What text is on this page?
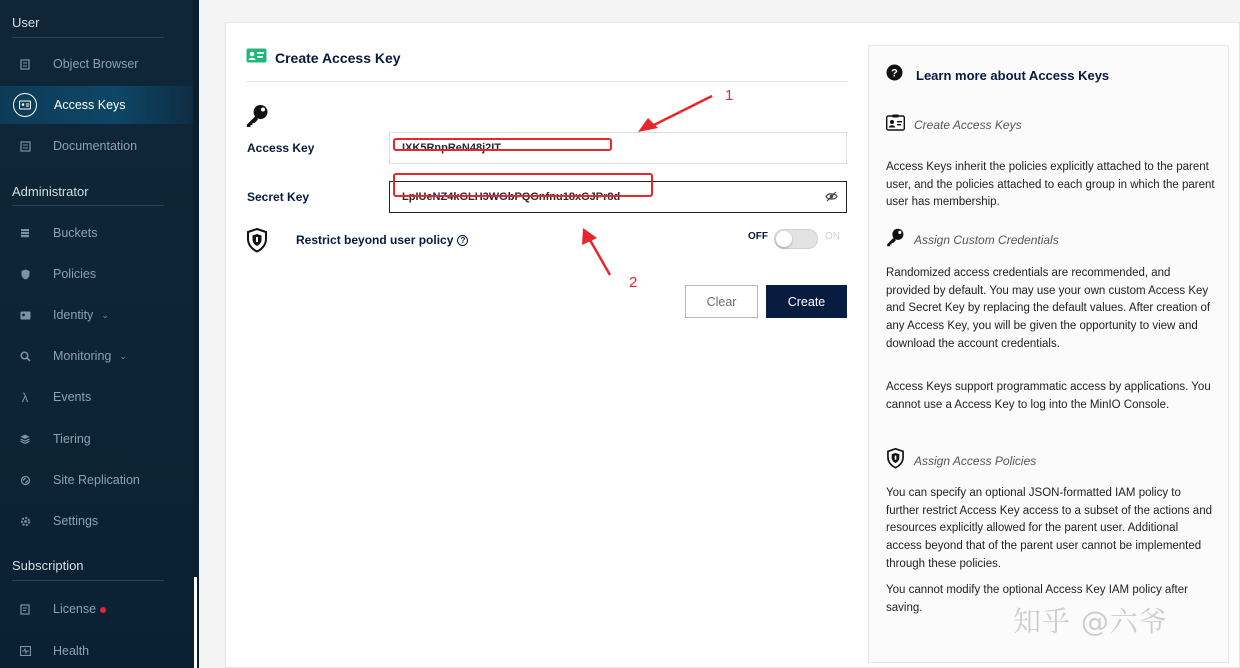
User
Object Browser
Access Keys
Documentation
Administrator
Buckets
Policies
Identity ⌄
Monitoring ⌄
λ	Events
Tiering
Site Replication
Settings
Subscription
License
Health
Create Access Key
Access Key	IXK5RnpReN48j2IT
Secret Key	LpIUeNZ4kGLH3WGbPQGnfnu18xGJPr8d
Restrict beyond user policy ?	OFF	ON
Clear	Create
? Learn more about Access Keys
Create Access Keys
Access Keys inherit the policies explicitly attached to the parent user, and the policies attached to each group in which the parent user has membership.
Assign Custom Credentials
Randomized access credentials are recommended, and provided by default. You may use your own custom Access Key and Secret Key by replacing the default values. After creation of any Access Key, you will be given the opportunity to view and download the account credentials.
Access Keys support programmatic access by applications. You cannot use a Access Key to log into the MinIO Console.
Assign Access Policies
You can specify an optional JSON-formatted IAM policy to further restrict Access Key access to a subset of the actions and resources explicitly allowed for the parent user. Additional access beyond that of the parent user cannot be implemented through these policies.
You cannot modify the optional Access Key IAM policy after saving.
1
2
知乎 @六爷
